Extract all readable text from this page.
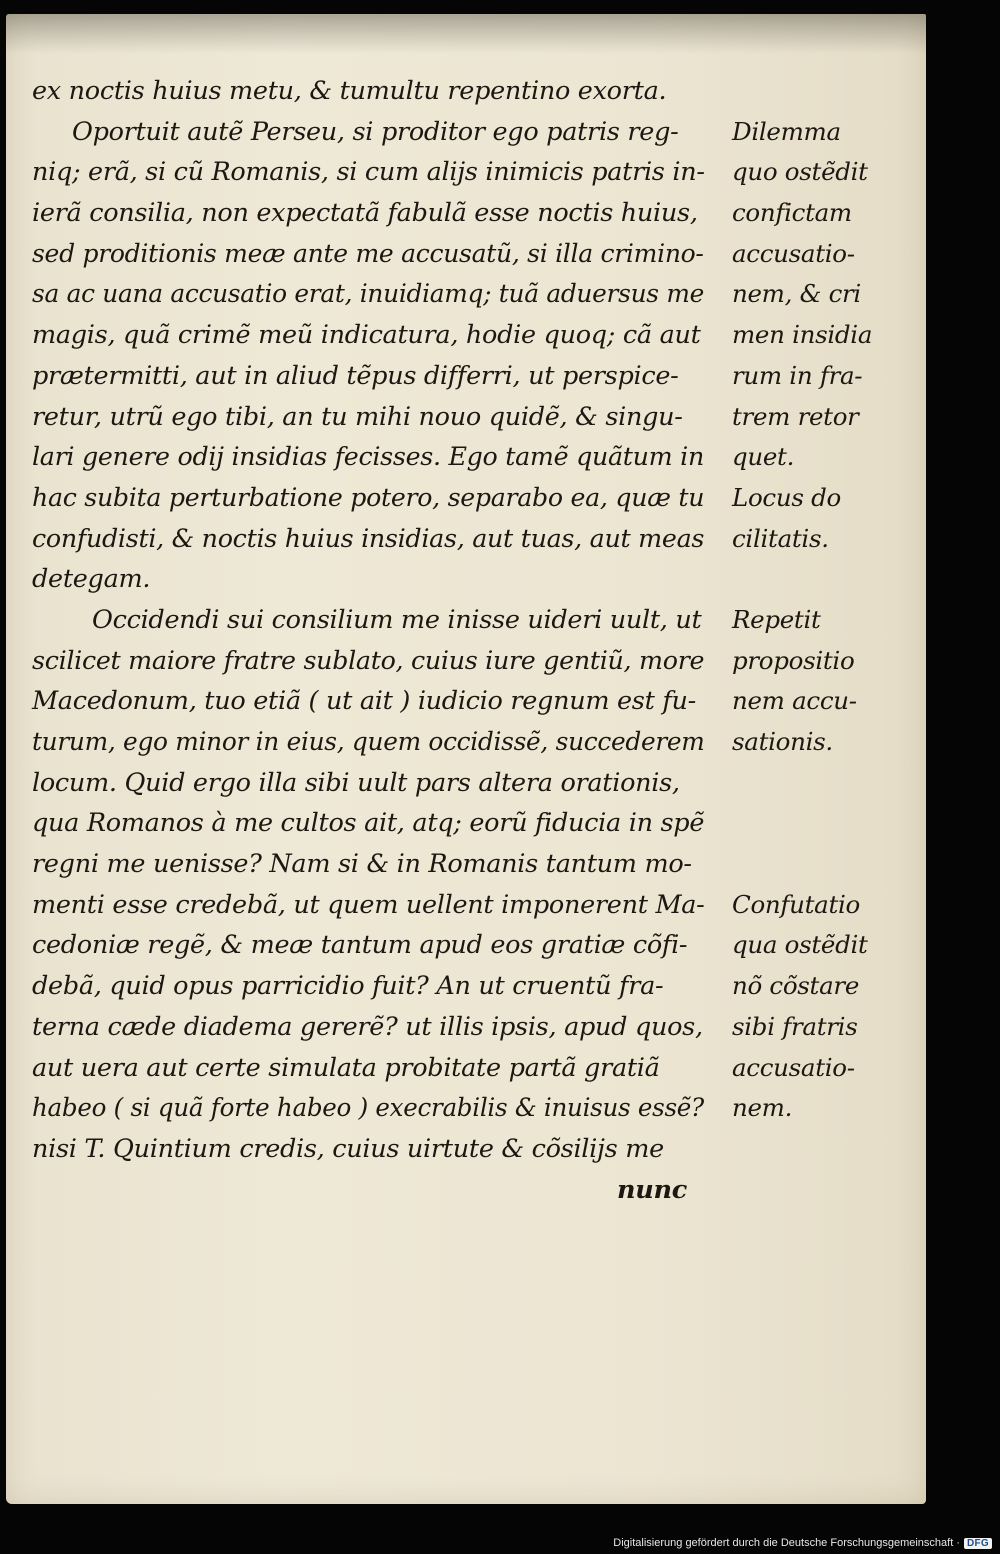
ex noctis huius metu, & tumultu repentino exorta.
Oportuit autẽ Perseu, si proditor ego patris reg- Dilemma
niq; erã, si cũ Romanis, si cum alijs inimicis patris in- quo ostẽdit
ierã consilia, non expectatã fabulã esse noctis huius, confictam
sed proditionis meæ ante me accusatũ, si illa crimino- accusatio-
sa ac uana accusatio erat, inuidiamq; tuã aduersus me nem, & cri
magis, quã crimẽ meũ indicatura, hodie quoq; cã aut men insidia
prætermitti, aut in aliud tẽpus differri, ut perspice- rum in fra-
retur, utrũ ego tibi, an tu mihi nouo quidẽ, & singu- trem retor
lari genere odij insidias fecisses. Ego tamẽ quãtum in quet.
hac subita perturbatione potero, separabo ea, quæ tu Locus do
confudisti, & noctis huius insidias, aut tuas, aut meas cilitatis.
detegam.
Occidendi sui consilium me inisse uideri uult, ut Repetit
scilicet maiore fratre sublato, cuius iure gentiũ, more propositio
Macedonum, tuo etiã ( ut ait ) iudicio regnum est fu- nem accu-
turum, ego minor in eius, quem occidissẽ, succederem sationis.
locum. Quid ergo illa sibi uult pars altera orationis,
qua Romanos à me cultos ait, atq; eorũ fiducia in spẽ
regni me uenisse? Nam si & in Romanis tantum mo-
menti esse credebã, ut quem uellent imponerent Ma- Confutatio
cedoniæ regẽ, & meæ tantum apud eos gratiæ cõfi- qua ostẽdit
debã, quid opus parricidio fuit? An ut cruentũ fra-	nõ cõstare
terna cæde diadema gererẽ? ut illis ipsis, apud quos, sibi fratris
aut uera aut certe simulata probitate partã gratiã	accusatio-
habeo ( si quã forte habeo ) execrabilis & inuisus essẽ? nem.
nisi T. Quintium credis, cuius uirtute & cõsilijs me
nunc
Digitalisierung gefördert durch die Deutsche Forschungsgemeinschaft · DFG
